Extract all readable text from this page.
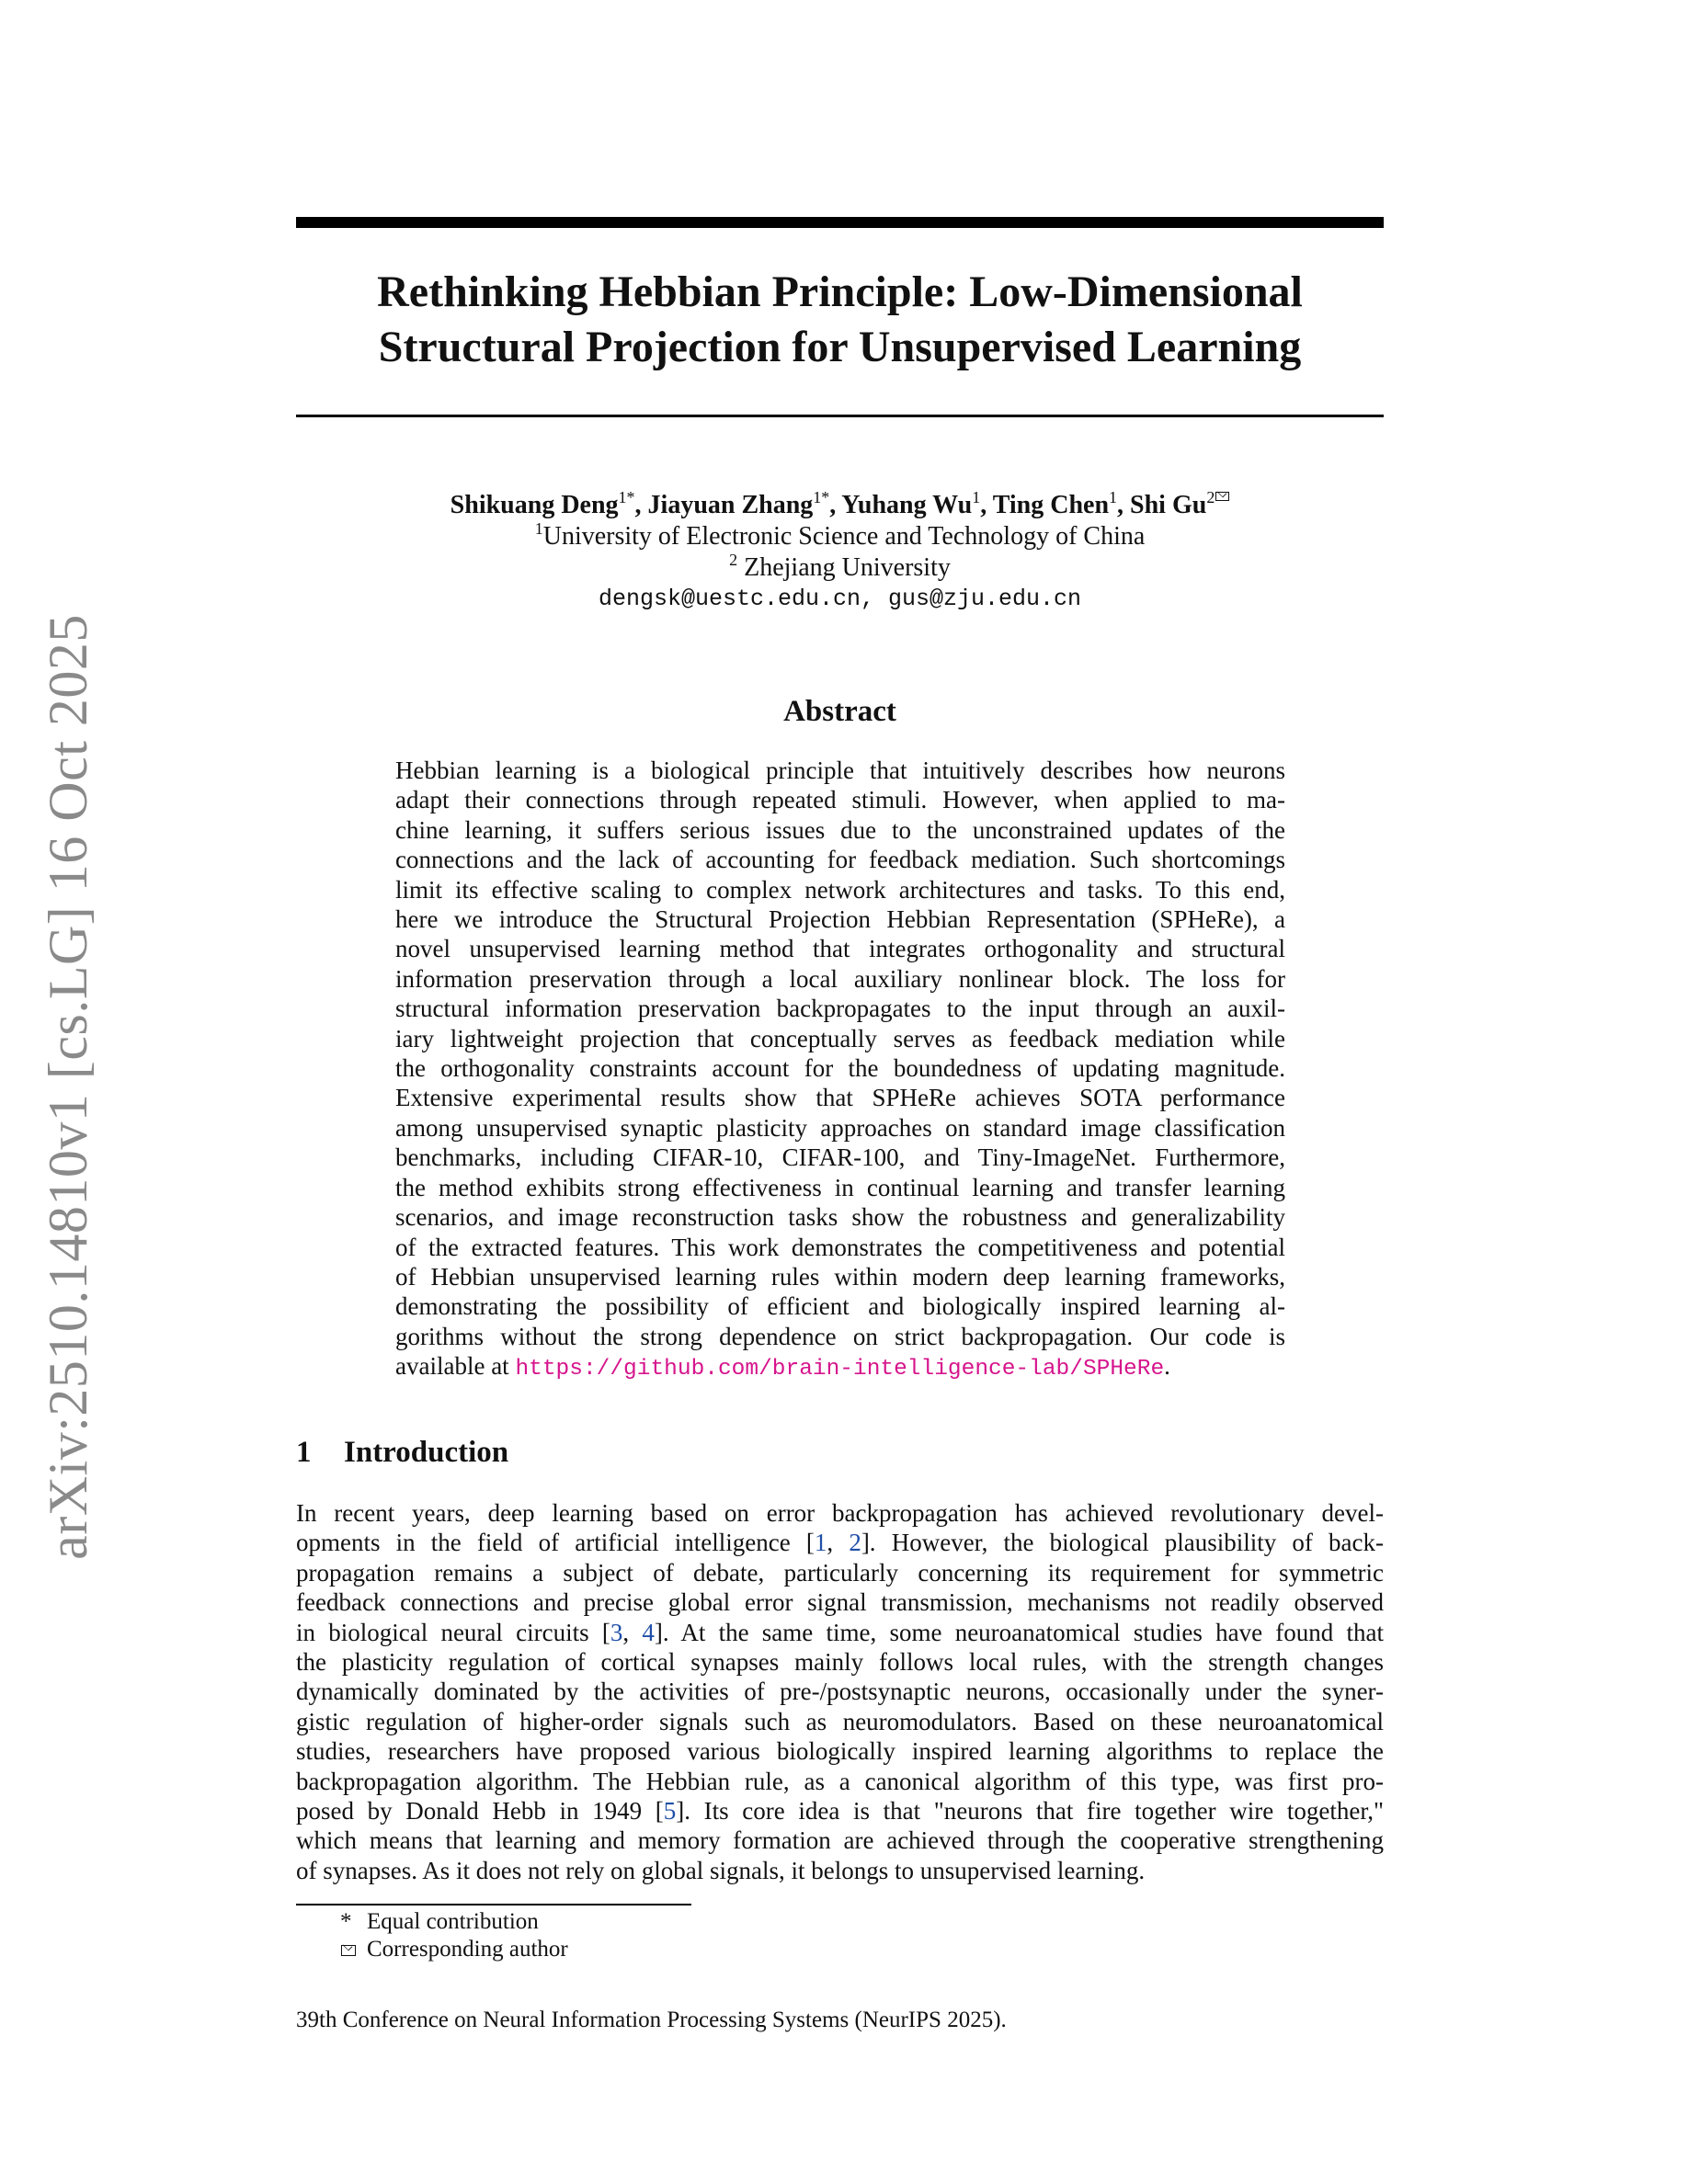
arXiv:2510.14810v1 [cs.LG] 16 Oct 2025
Rethinking Hebbian Principle: Low-Dimensional
Structural Projection for Unsupervised Learning
Shikuang Deng$^{1*}$, Jiayuan Zhang$^{1*}$, Yuhang Wu$^1$, Ting Chen$^1$, Shi Gu$^2$
$^1$University of Electronic Science and Technology of China
$^2$ Zhejiang University
dengsk@uestc.edu.cn, gus@zju.edu.cn
Abstract
Hebbian learning is a biological principle that intuitively describes how neurons
adapt their connections through repeated stimuli. However, when applied to ma-
chine learning, it suffers serious issues due to the unconstrained updates of the
connections and the lack of accounting for feedback mediation. Such shortcomings
limit its effective scaling to complex network architectures and tasks. To this end,
here we introduce the Structural Projection Hebbian Representation (SPHeRe), a
novel unsupervised learning method that integrates orthogonality and structural
information preservation through a local auxiliary nonlinear block. The loss for
structural information preservation backpropagates to the input through an auxil-
iary lightweight projection that conceptually serves as feedback mediation while
the orthogonality constraints account for the boundedness of updating magnitude.
Extensive experimental results show that SPHeRe achieves SOTA performance
among unsupervised synaptic plasticity approaches on standard image classification
benchmarks, including CIFAR-10, CIFAR-100, and Tiny-ImageNet. Furthermore,
the method exhibits strong effectiveness in continual learning and transfer learning
scenarios, and image reconstruction tasks show the robustness and generalizability
of the extracted features. This work demonstrates the competitiveness and potential
of Hebbian unsupervised learning rules within modern deep learning frameworks,
demonstrating the possibility of efficient and biologically inspired learning al-
gorithms without the strong dependence on strict backpropagation. Our code is
available at https://github.com/brain-intelligence-lab/SPHeRe.
1 Introduction
In recent years, deep learning based on error backpropagation has achieved revolutionary devel-
opments in the field of artificial intelligence [1, 2]. However, the biological plausibility of back-
propagation remains a subject of debate, particularly concerning its requirement for symmetric
feedback connections and precise global error signal transmission, mechanisms not readily observed
in biological neural circuits [3, 4]. At the same time, some neuroanatomical studies have found that
the plasticity regulation of cortical synapses mainly follows local rules, with the strength changes
dynamically dominated by the activities of pre-/postsynaptic neurons, occasionally under the syner-
gistic regulation of higher-order signals such as neuromodulators. Based on these neuroanatomical
studies, researchers have proposed various biologically inspired learning algorithms to replace the
backpropagation algorithm. The Hebbian rule, as a canonical algorithm of this type, was first pro-
posed by Donald Hebb in 1949 [5]. Its core idea is that "neurons that fire together wire together,"
which means that learning and memory formation are achieved through the cooperative strengthening
of synapses. As it does not rely on global signals, it belongs to unsupervised learning.
* Equal contribution
Corresponding author
39th Conference on Neural Information Processing Systems (NeurIPS 2025).
